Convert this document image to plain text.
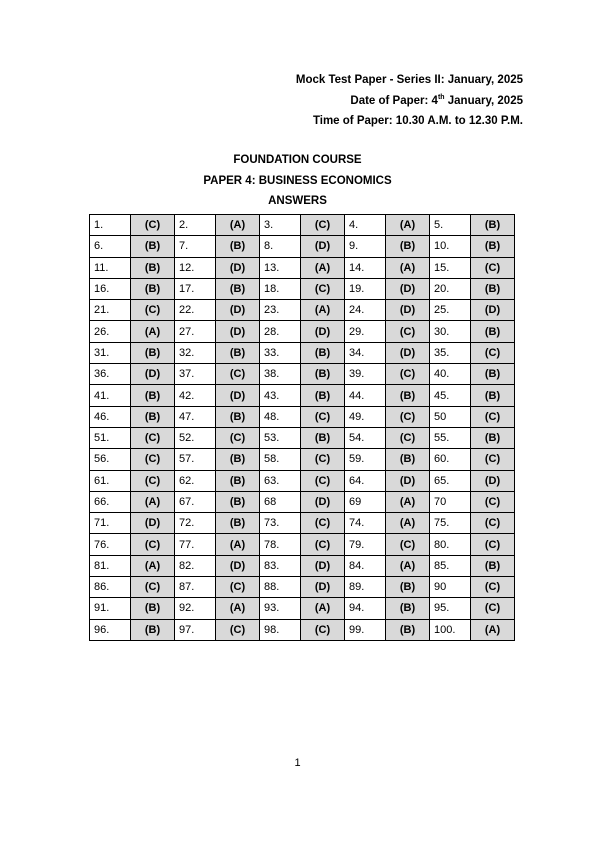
Mock Test Paper - Series II: January, 2025
Date of Paper: 4th January, 2025
Time of Paper: 10.30 A.M. to 12.30 P.M.
FOUNDATION COURSE
PAPER 4: BUSINESS ECONOMICS
ANSWERS
1.	(C)	2.	(A)	3.	(C)	4.	(A)	5.	(B)
6.	(B)	7.	(B)	8.	(D)	9.	(B)	10.	(B)
11.	(B)	12.	(D)	13.	(A)	14.	(A)	15.	(C)
16.	(B)	17.	(B)	18.	(C)	19.	(D)	20.	(B)
21.	(C)	22.	(D)	23.	(A)	24.	(D)	25.	(D)
26.	(A)	27.	(D)	28.	(D)	29.	(C)	30.	(B)
31.	(B)	32.	(B)	33.	(B)	34.	(D)	35.	(C)
36.	(D)	37.	(C)	38.	(B)	39.	(C)	40.	(B)
41.	(B)	42.	(D)	43.	(B)	44.	(B)	45.	(B)
46.	(B)	47.	(B)	48.	(C)	49.	(C)	50	(C)
51.	(C)	52.	(C)	53.	(B)	54.	(C)	55.	(B)
56.	(C)	57.	(B)	58.	(C)	59.	(B)	60.	(C)
61.	(C)	62.	(B)	63.	(C)	64.	(D)	65.	(D)
66.	(A)	67.	(B)	68	(D)	69	(A)	70	(C)
71.	(D)	72.	(B)	73.	(C)	74.	(A)	75.	(C)
76.	(C)	77.	(A)	78.	(C)	79.	(C)	80.	(C)
81.	(A)	82.	(D)	83.	(D)	84.	(A)	85.	(B)
86.	(C)	87.	(C)	88.	(D)	89.	(B)	90	(C)
91.	(B)	92.	(A)	93.	(A)	94.	(B)	95.	(C)
96.	(B)	97.	(C)	98.	(C)	99.	(B)	100.	(A)
1
